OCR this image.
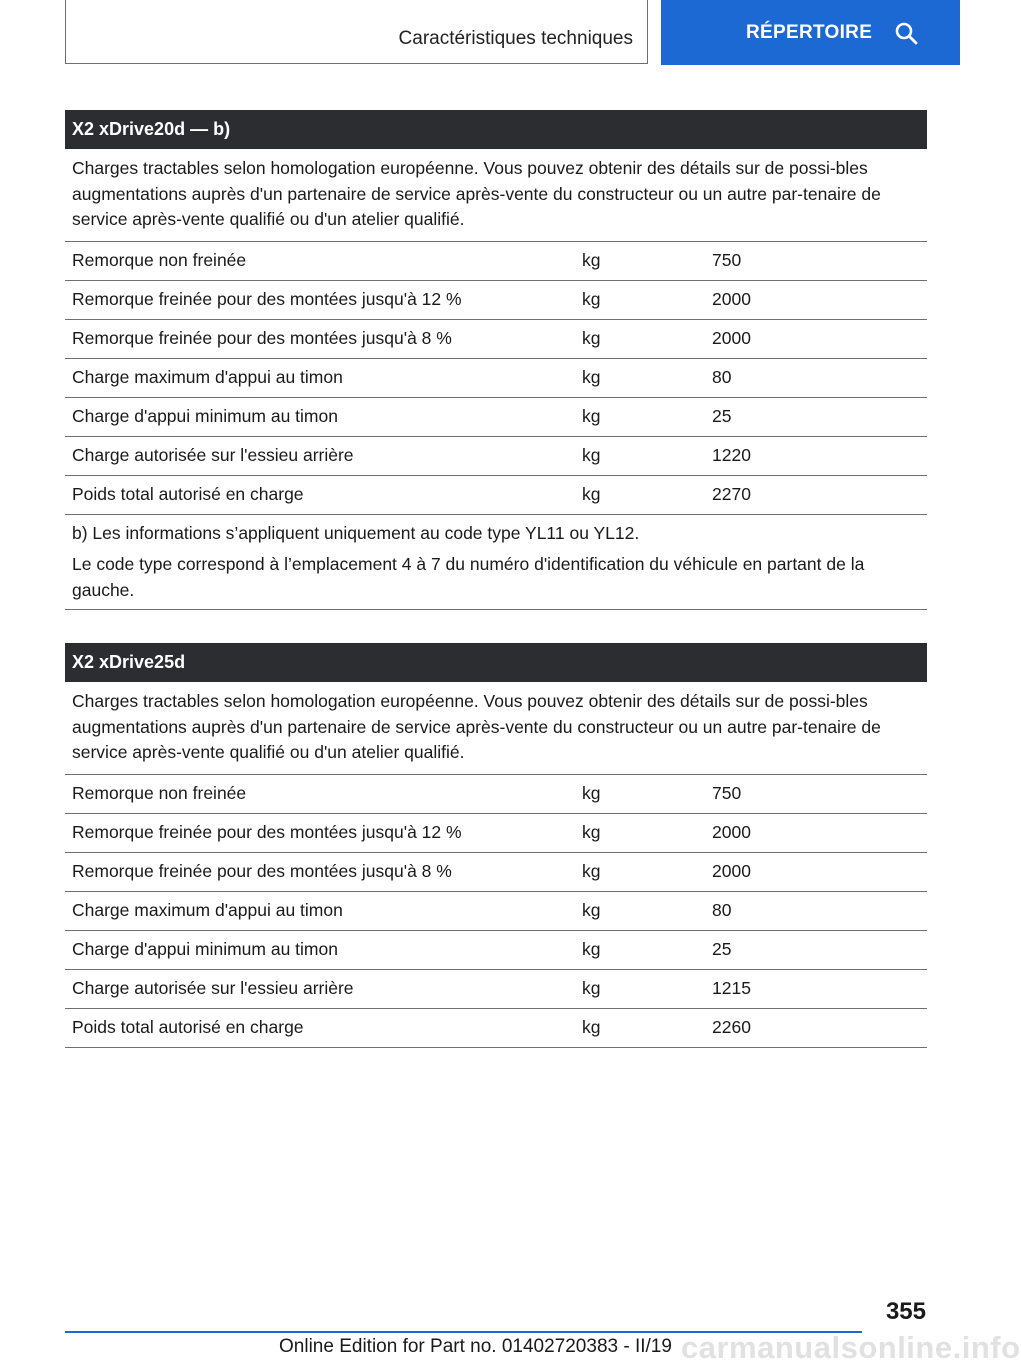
Caractéristiques techniques	RÉPERTOIRE
X2 xDrive20d — b)
Charges tractables selon homologation européenne. Vous pouvez obtenir des détails sur de possi-bles augmentations auprès d'un partenaire de service après-vente du constructeur ou un autre par-tenaire de service après-vente qualifié ou d'un atelier qualifié.
Remorque non freinée	kg	750
Remorque freinée pour des montées jusqu'à 12 %	kg	2000
Remorque freinée pour des montées jusqu'à 8 %	kg	2000
Charge maximum d'appui au timon	kg	80
Charge d'appui minimum au timon	kg	25
Charge autorisée sur l'essieu arrière	kg	1220
Poids total autorisé en charge	kg	2270

b) Les informations s’appliquent uniquement au code type YL11 ou YL12.

Le code type correspond à l’emplacement 4 à 7 du numéro d'identification du véhicule en partant de la gauche.

X2 xDrive25d
Charges tractables selon homologation européenne. Vous pouvez obtenir des détails sur de possi-bles augmentations auprès d'un partenaire de service après-vente du constructeur ou un autre par-tenaire de service après-vente qualifié ou d'un atelier qualifié.
Remorque non freinée	kg	750
Remorque freinée pour des montées jusqu'à 12 %	kg	2000
Remorque freinée pour des montées jusqu'à 8 %	kg	2000
Charge maximum d'appui au timon	kg	80
Charge d'appui minimum au timon	kg	25
Charge autorisée sur l'essieu arrière	kg	1215
Poids total autorisé en charge	kg	2260
355
Online Edition for Part no. 01402720383 - II/19 carmanualsonline.info
